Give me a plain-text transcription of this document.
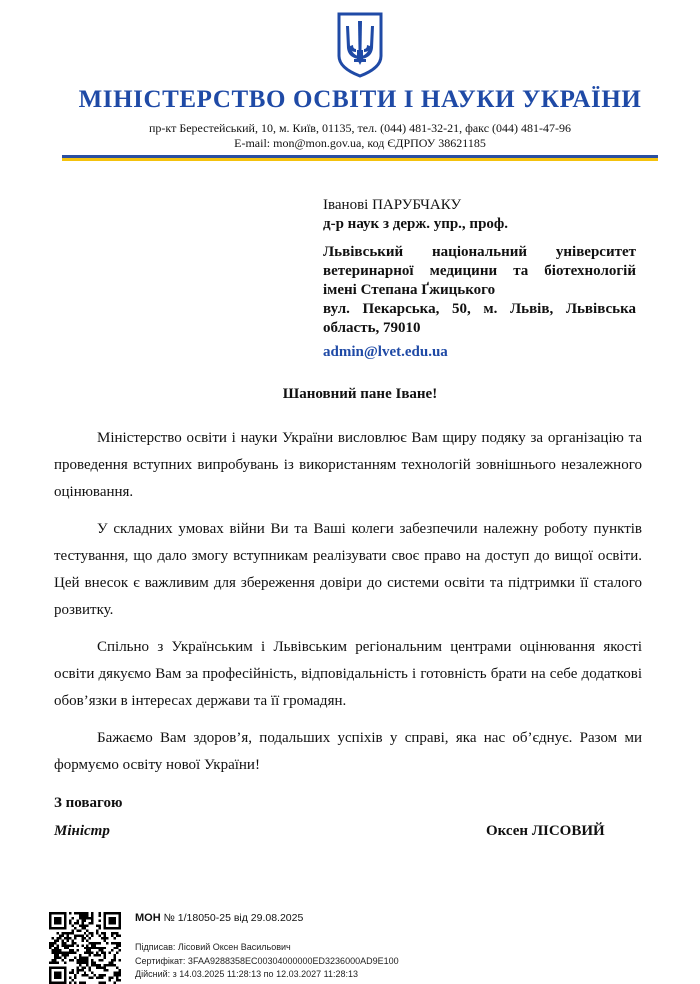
МІНІСТЕРСТВО ОСВІТИ І НАУКИ УКРАЇНИ
пр-кт Берестейський, 10, м. Київ, 01135, тел. (044) 481-32-21, факс (044) 481-47-96
E-mail: mon@mon.gov.ua, код ЄДРПОУ 38621185
Іванові ПАРУБЧАКУ
д-р наук з держ. упр., проф.
Львівський національний університет ветеринарної медицини та біотехнологій імені Степана Ґжицького
вул. Пекарська, 50, м. Львів, Львівська область, 79010
admin@lvet.edu.ua
Шановний пане Іване!

Міністерство освіти і науки України висловлює Вам щиру подяку за організацію та проведення вступних випробувань із використанням технологій зовнішнього незалежного оцінювання.

У складних умовах війни Ви та Ваші колеги забезпечили належну роботу пунктів тестування, що дало змогу вступникам реалізувати своє право на доступ до вищої освіти. Цей внесок є важливим для збереження довіри до системи освіти та підтримки її сталого розвитку.

Спільно з Українським і Львівським регіональним центрами оцінювання якості освіти дякуємо Вам за професійність, відповідальність і готовність брати на себе додаткові обов’язки в інтересах держави та її громадян.

Бажаємо Вам здоров’я, подальших успіхів у справі, яка нас об’єднує. Разом ми формуємо освіту нової України!

З повагою
Міністр	Оксен ЛІСОВИЙ
МОН № 1/18050-25 від 29.08.2025
Підписав: Лісовий Оксен Васильович
Сертифікат: 3FAA9288358EC00304000000ED3236000AD9E100
Дійсний: з 14.03.2025 11:28:13 по 12.03.2027 11:28:13
